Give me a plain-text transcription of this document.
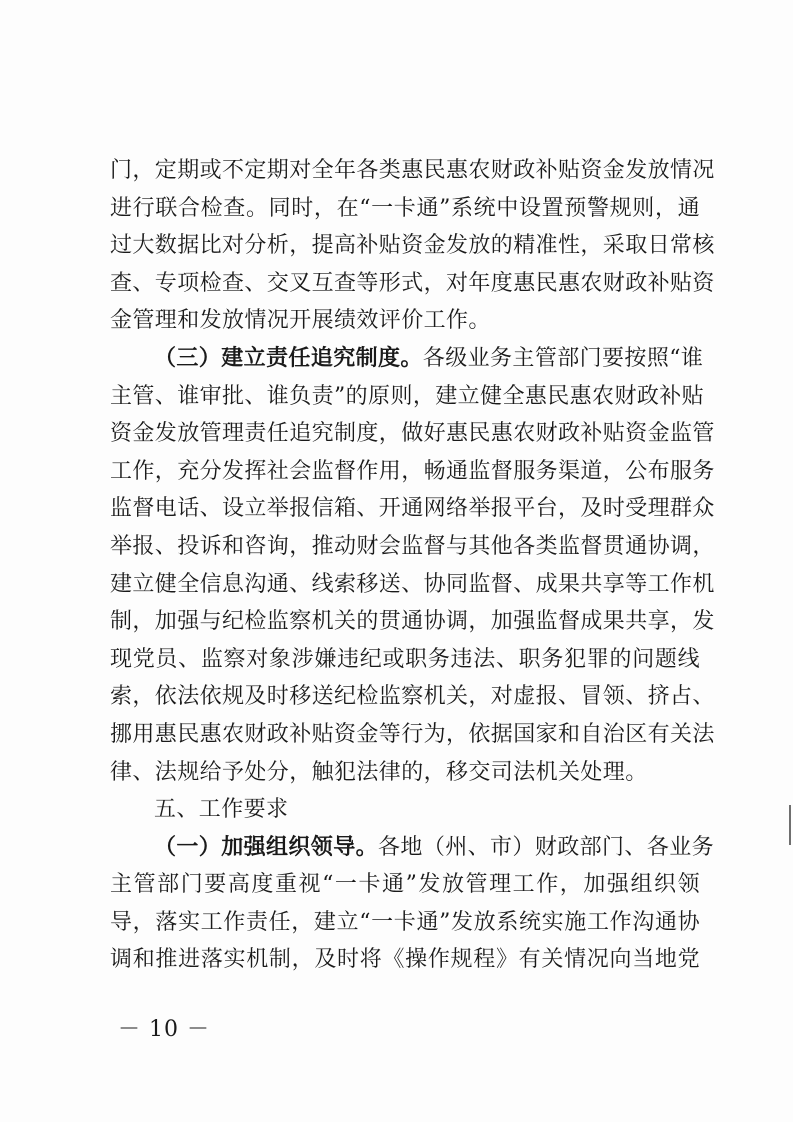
门，定期或不定期对全年各类惠民惠农财政补贴资金发放情况
进行联合检查。同时，在“一卡通”系统中设置预警规则，通
过大数据比对分析，提高补贴资金发放的精准性，采取日常核
查、专项检查、交叉互查等形式，对年度惠民惠农财政补贴资
金管理和发放情况开展绩效评价工作。
（三）建立责任追究制度。各级业务主管部门要按照“谁
主管、谁审批、谁负责”的原则，建立健全惠民惠农财政补贴
资金发放管理责任追究制度，做好惠民惠农财政补贴资金监管
工作，充分发挥社会监督作用，畅通监督服务渠道，公布服务
监督电话、设立举报信箱、开通网络举报平台，及时受理群众
举报、投诉和咨询，推动财会监督与其他各类监督贯通协调，
建立健全信息沟通、线索移送、协同监督、成果共享等工作机
制，加强与纪检监察机关的贯通协调，加强监督成果共享，发
现党员、监察对象涉嫌违纪或职务违法、职务犯罪的问题线
索，依法依规及时移送纪检监察机关，对虚报、冒领、挤占、
挪用惠民惠农财政补贴资金等行为，依据国家和自治区有关法
律、法规给予处分，触犯法律的，移交司法机关处理。
五、工作要求
（一）加强组织领导。各地（州、市）财政部门、各业务
主管部门要高度重视“一卡通”发放管理工作，加强组织领
导，落实工作责任，建立“一卡通”发放系统实施工作沟通协
调和推进落实机制，及时将《操作规程》有关情况向当地党
－ 10 －
